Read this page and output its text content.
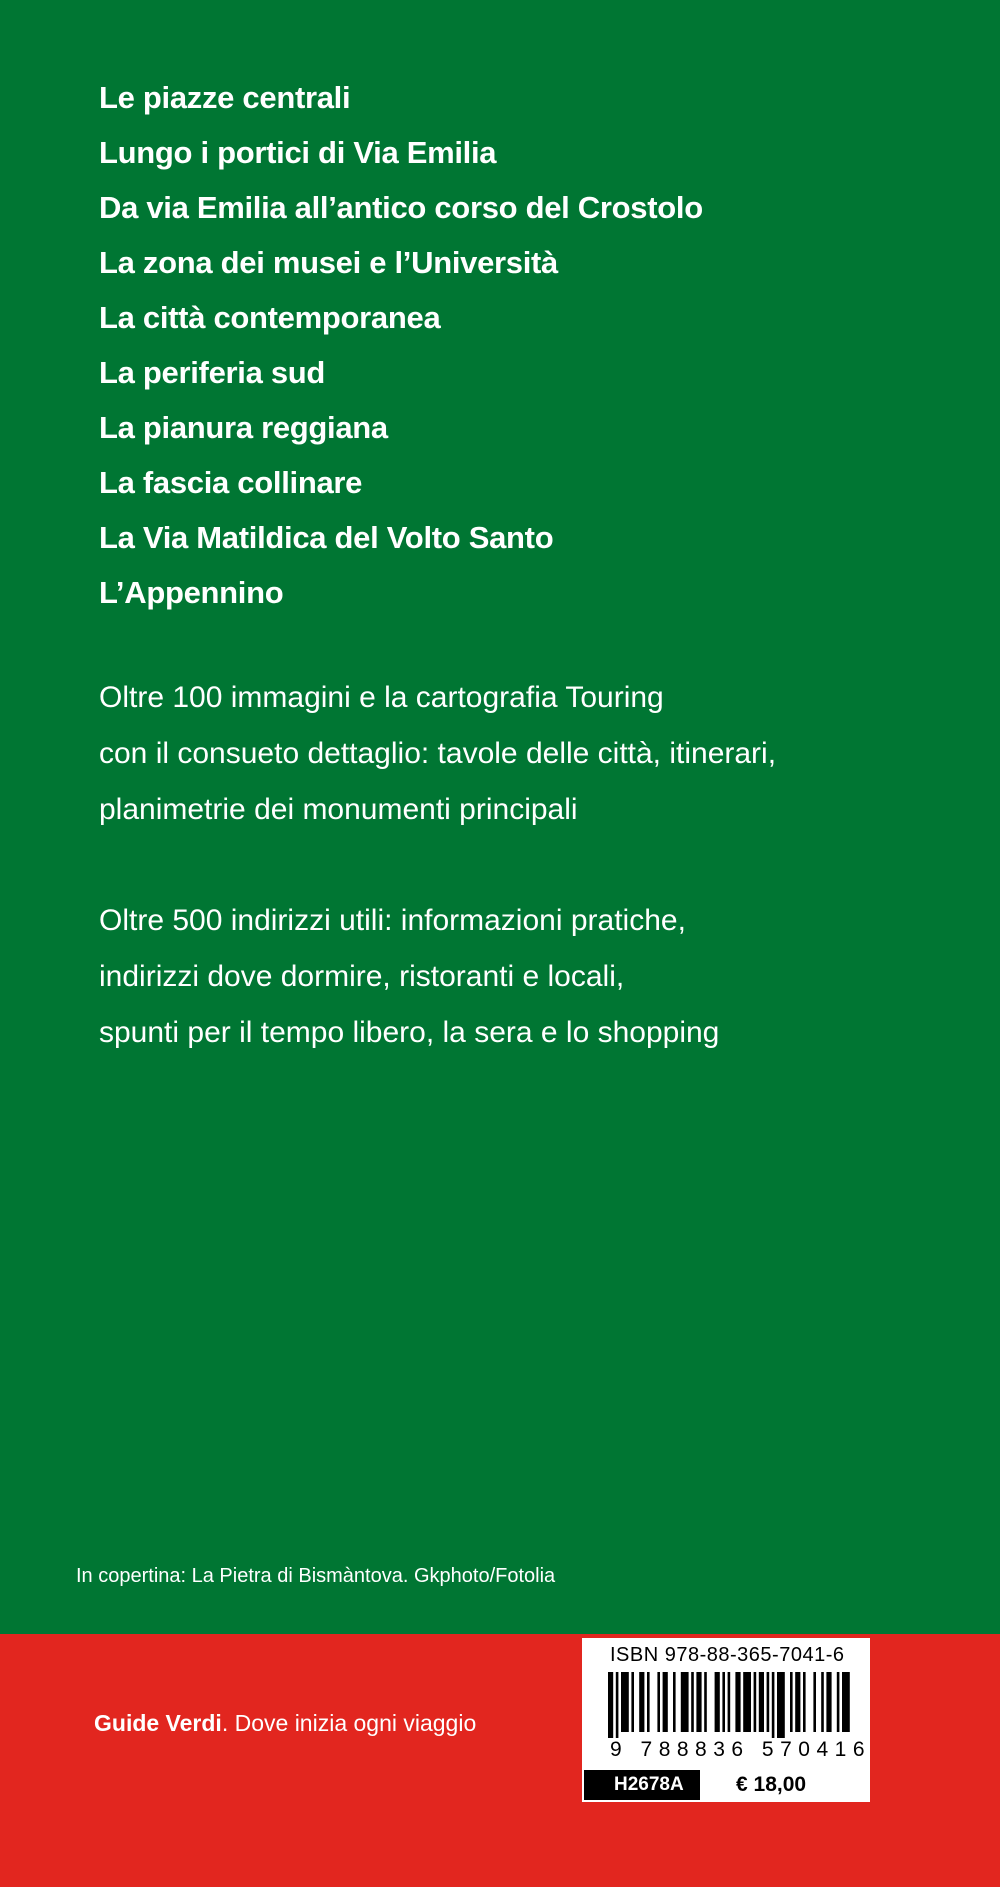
Le piazze centrali
Lungo i portici di Via Emilia
Da via Emilia all’antico corso del Crostolo
La zona dei musei e l’Università
La città contemporanea
La periferia sud
La pianura reggiana
La fascia collinare
La Via Matildica del Volto Santo
L’Appennino

Oltre 100 immagini e la cartografia Touring

con il consueto dettaglio: tavole delle città, itinerari,

planimetrie dei monumenti principali

Oltre 500 indirizzi utili: informazioni pratiche,

indirizzi dove dormire, ristoranti e locali,

spunti per il tempo libero, la sera e lo shopping

In copertina: La Pietra di Bismàntova. Gkphoto/Fotolia
Guide Verdi. Dove inizia ogni viaggio
ISBN 978-88-365-7041-6
9 788836 570416
H2678A	€ 18,00
